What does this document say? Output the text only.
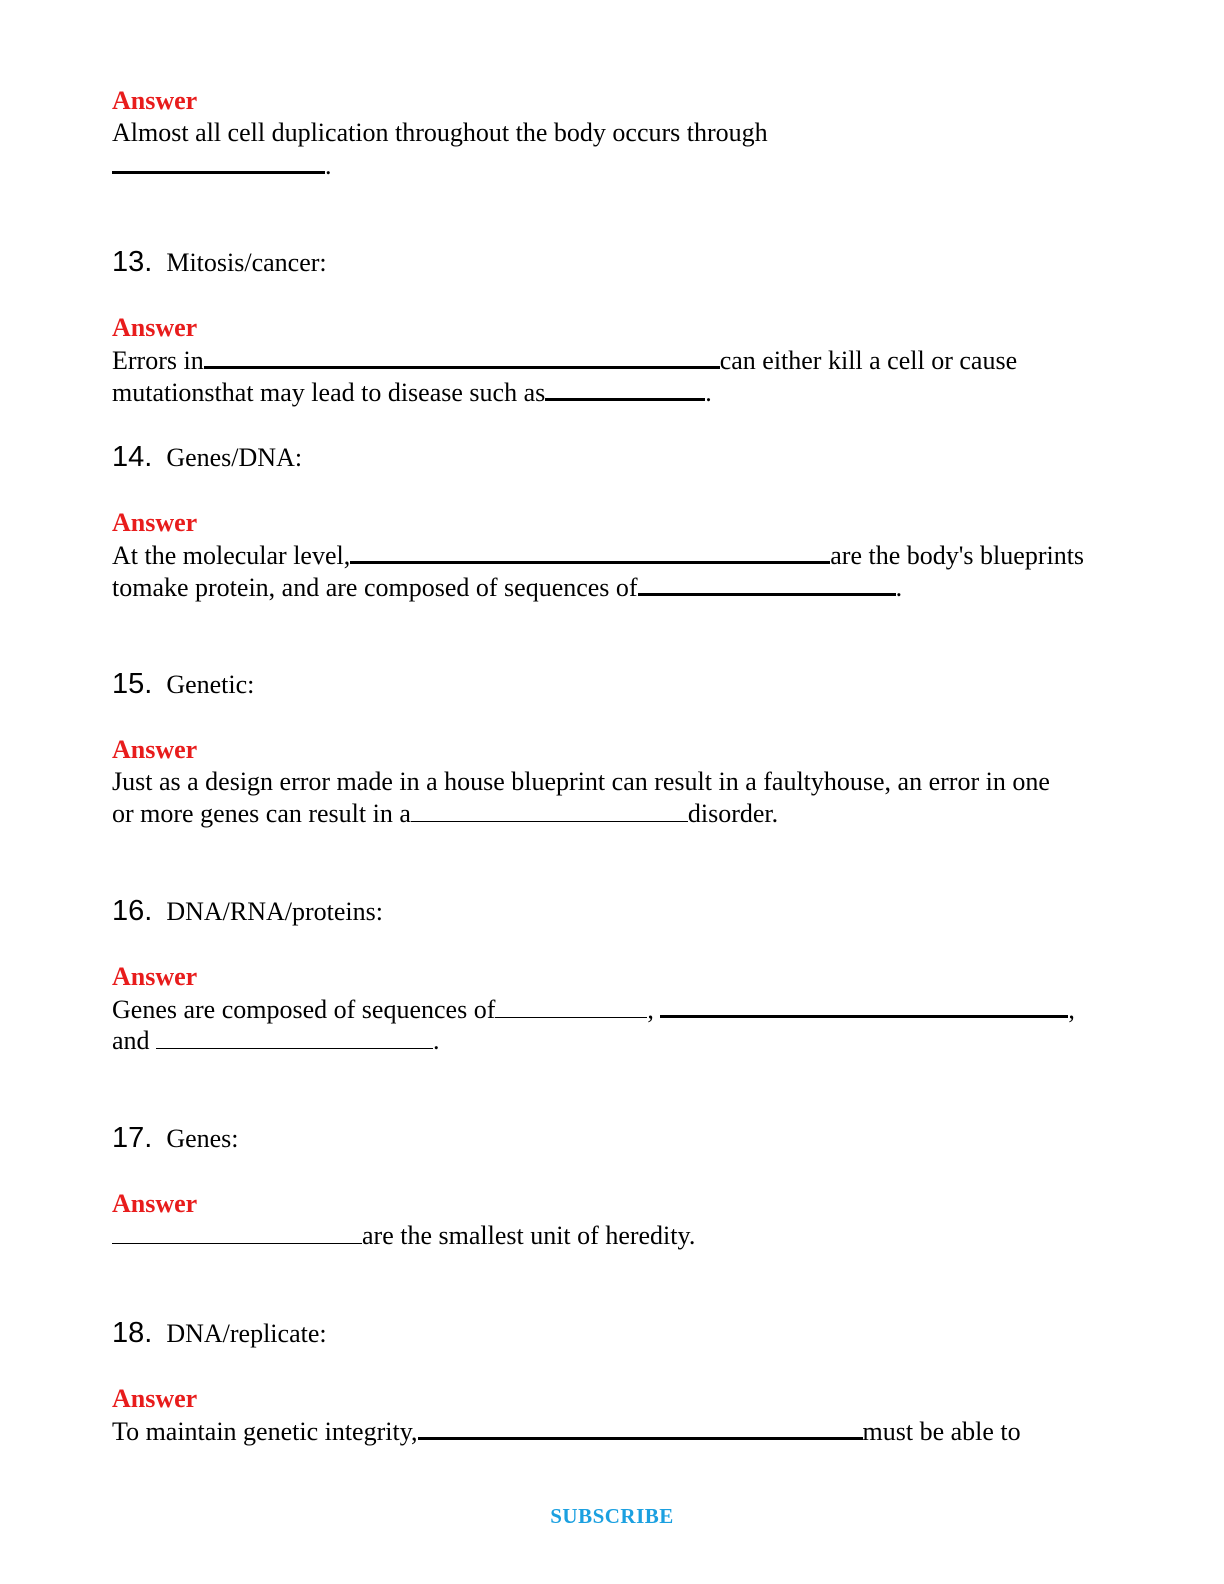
Answer
Almost all cell duplication throughout the body occurs through
.
13. Mitosis/cancer:
Answer
Errors in	can either kill a cell or cause
mutationsthat may lead to disease such as	.
14. Genes/DNA:
Answer
At the molecular level,	are the body's blueprints
tomake protein, and are composed of sequences of	.
15. Genetic:
Answer
Just as a design error made in a house blueprint can result in a faultyhouse, an error in one
or more genes can result in a	disorder.
16. DNA/RNA/proteins:
Answer
Genes are composed of sequences of	,	,
and	.
17. Genes:
Answer
are the smallest unit of heredity.
18. DNA/replicate:
Answer
To maintain genetic integrity,	must be able to
SUBSCRIBE
